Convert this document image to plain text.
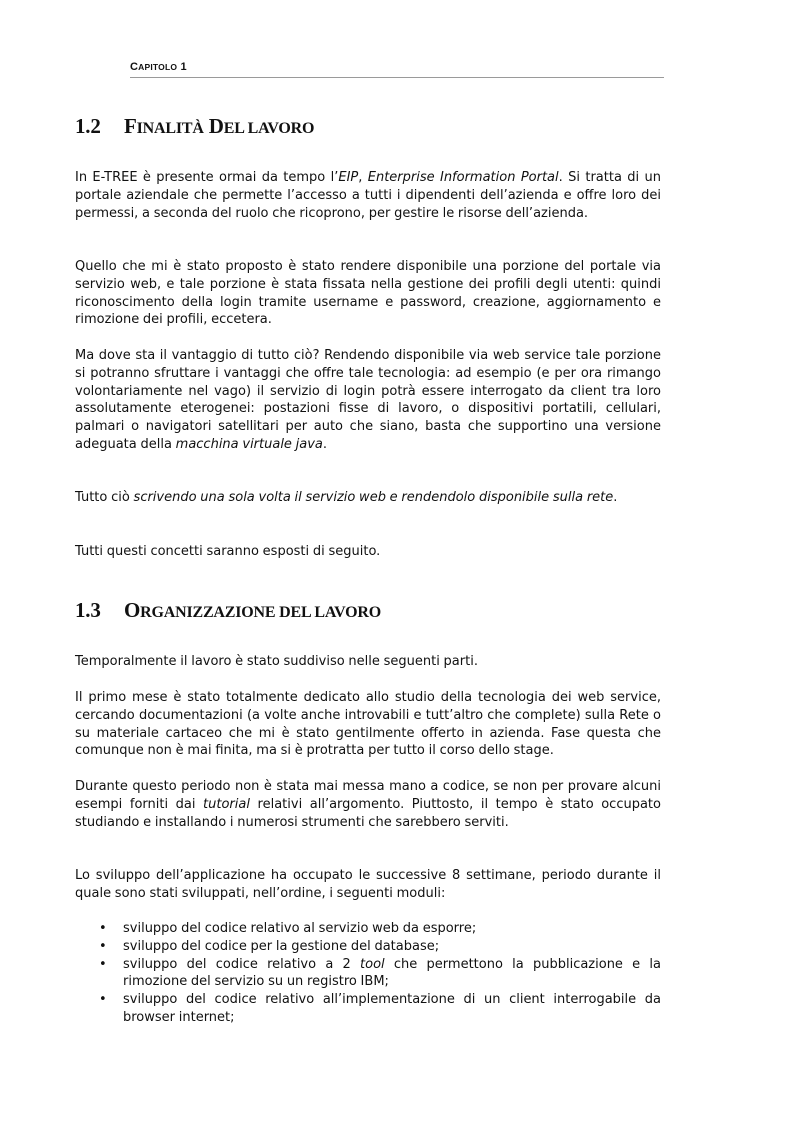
CAPITOLO 1
1.2 FINALITÀ DEL LAVORO

In E-TREE è presente ormai da tempo l’EIP, Enterprise Information Portal. Si tratta di un portale aziendale che permette l’accesso a tutti i dipendenti dell’azienda e offre loro dei permessi, a seconda del ruolo che ricoprono, per gestire le risorse dell’azienda.

Quello che mi è stato proposto è stato rendere disponibile una porzione del portale via servizio web, e tale porzione è stata fissata nella gestione dei profili degli utenti: quindi riconoscimento della login tramite username e password, creazione, aggiornamento e rimozione dei profili, eccetera.

Ma dove sta il vantaggio di tutto ciò? Rendendo disponibile via web service tale porzione si potranno sfruttare i vantaggi che offre tale tecnologia: ad esempio (e per ora rimango volontariamente nel vago) il servizio di login potrà essere interrogato da client tra loro assolutamente eterogenei: postazioni fisse di lavoro, o dispositivi portatili, cellulari, palmari o navigatori satellitari per auto che siano, basta che supportino una versione adeguata della macchina virtuale java.

Tutto ciò scrivendo una sola volta il servizio web e rendendolo disponibile sulla rete.

Tutti questi concetti saranno esposti di seguito.

1.3 ORGANIZZAZIONE DEL LAVORO

Temporalmente il lavoro è stato suddiviso nelle seguenti parti.

Il primo mese è stato totalmente dedicato allo studio della tecnologia dei web service, cercando documentazioni (a volte anche introvabili e tutt’altro che complete) sulla Rete o su materiale cartaceo che mi è stato gentilmente offerto in azienda. Fase questa che comunque non è mai finita, ma si è protratta per tutto il corso dello stage.

Durante questo periodo non è stata mai messa mano a codice, se non per provare alcuni esempi forniti dai tutorial relativi all’argomento. Piuttosto, il tempo è stato occupato studiando e installando i numerosi strumenti che sarebbero serviti.

Lo sviluppo dell’applicazione ha occupato le successive 8 settimane, periodo durante il quale sono stati sviluppati, nell’ordine, i seguenti moduli:

• sviluppo del codice relativo al servizio web da esporre;
• sviluppo del codice per la gestione del database;
• sviluppo del codice relativo a 2 tool che permettono la pubblicazione e la rimozione del servizio su un registro IBM;
• sviluppo del codice relativo all’implementazione di un client interrogabile da browser internet;
